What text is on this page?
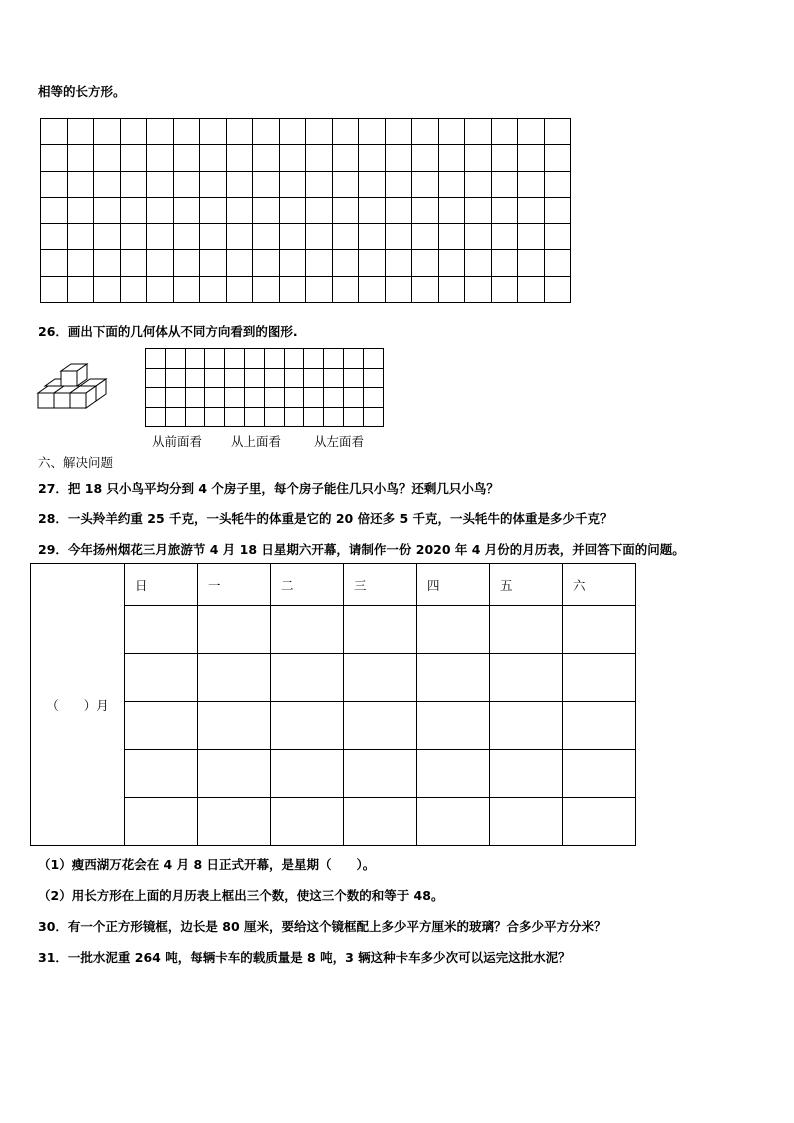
相等的长方形。

26．画出下面的几何体从不同方向看到的图形.

从前面看 从上面看	从左面看
六、解决问题
27．把 18 只小鸟平均分到 4 个房子里，每个房子能住几只小鸟？还剩几只小鸟？
28．一头羚羊约重 25 千克，一头牦牛的体重是它的 20 倍还多 5 千克，一头牦牛的体重是多少千克？
29．今年扬州烟花三月旅游节 4 月 18 日星期六开幕，请制作一份 2020 年 4 月份的月历表，并回答下面的问题。
（　　）月	日	一	二	三	四	五	六

（1）瘦西湖万花会在 4 月 8 日正式开幕，是星期（　　）。
（2）用长方形在上面的月历表上框出三个数，使这三个数的和等于 48。
30．有一个正方形镜框，边长是 80 厘米，要给这个镜框配上多少平方厘米的玻璃？合多少平方分米？
31．一批水泥重 264 吨，每辆卡车的载质量是 8 吨，3 辆这种卡车多少次可以运完这批水泥？
